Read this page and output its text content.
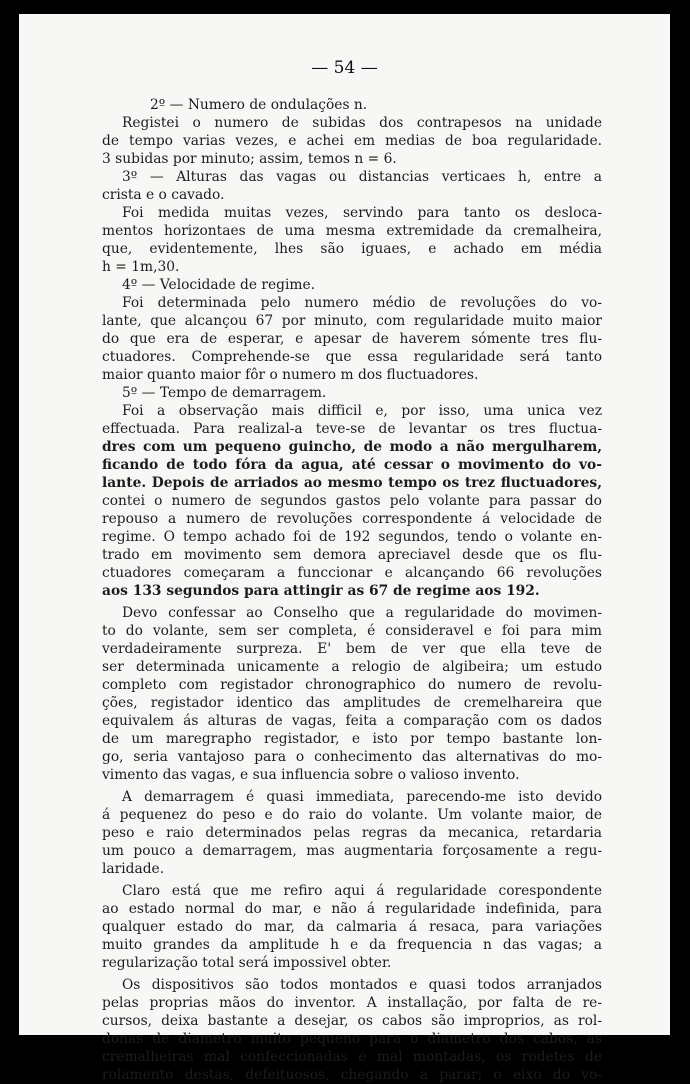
— 54 —
2º — Numero de ondulações n.
Registei o numero de subidas dos contrapesos na unidade
de tempo varias vezes, e achei em medias de boa regularidade.
3 subidas por minuto; assim, temos n = 6.
3º — Alturas das vagas ou distancias verticaes h, entre a
crista e o cavado.
Foi medida muitas vezes, servindo para tanto os desloca-
mentos horizontaes de uma mesma extremidade da cremalheira,
que, evidentemente, lhes são iguaes, e achado em média
h = 1m,30.
4º — Velocidade de regime.
Foi determinada pelo numero médio de revoluções do vo-
lante, que alcançou 67 por minuto, com regularidade muito maior
do que era de esperar, e apesar de haverem sómente tres flu-
ctuadores. Comprehende-se que essa regularidade será tanto
maior quanto maior fôr o numero m dos fluctuadores.
5º — Tempo de demarragem.
Foi a observação mais difficil e, por isso, uma unica vez
effectuada. Para realizal-a teve-se de levantar os tres fluctua-
dres com um pequeno guincho, de modo a não mergulharem,
ficando de todo fóra da agua, até cessar o movimento do vo-
lante. Depois de arriados ao mesmo tempo os trez fluctuadores,
contei o numero de segundos gastos pelo volante para passar do
repouso a numero de revoluções correspondente á velocidade de
regime. O tempo achado foi de 192 segundos, tendo o volante en-
trado em movimento sem demora apreciavel desde que os flu-
ctuadores começaram a funccionar e alcançando 66 revoluções
aos 133 segundos para attingir as 67 de regime aos 192.
Devo confessar ao Conselho que a regularidade do movimen-
to do volante, sem ser completa, é consideravel e foi para mim
verdadeiramente surpreza. E' bem de ver que ella teve de
ser determinada unicamente a relogio de algibeira; um estudo
completo com registador chronographico do numero de revolu-
ções, registador identico das amplitudes de cremelhareira que
equivalem ás alturas de vagas, feita a comparação com os dados
de um maregrapho registador, e isto por tempo bastante lon-
go, seria vantajoso para o conhecimento das alternativas do mo-
vimento das vagas, e sua influencia sobre o valioso invento.
A demarragem é quasi immediata, parecendo-me isto devido
á pequenez do peso e do raio do volante. Um volante maior, de
peso e raio determinados pelas regras da mecanica, retardaria
um pouco a demarragem, mas augmentaria forçosamente a regu-
laridade.
Claro está que me refiro aqui á regularidade corespondente
ao estado normal do mar, e não á regularidade indefinida, para
qualquer estado do mar, da calmaria á resaca, para variações
muito grandes da amplitude h e da frequencia n das vagas; a
regularização total será impossivel obter.
Os dispositivos são todos montados e quasi todos arranjados
pelas proprias mãos do inventor. A installação, por falta de re-
cursos, deixa bastante a desejar, os cabos são improprios, as rol-
donas de diametro muito pequeno para o diametro dos cabos, as
cremalheiras mal confeccionadas e mal montadas, os rodetes de
rolamento destas, defeituosos, chegando a parar; o eixo do vo-
